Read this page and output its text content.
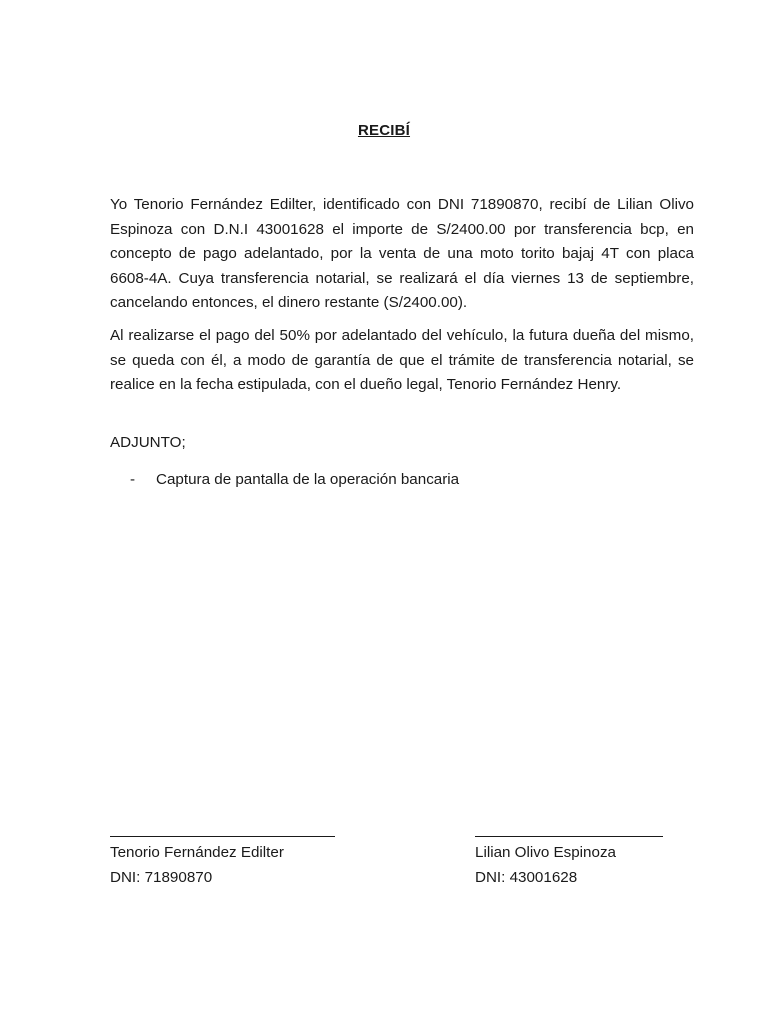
RECIBÍ

Yo Tenorio Fernández Edilter, identificado con DNI 71890870, recibí de Lilian Olivo Espinoza con D.N.I 43001628 el importe de S/2400.00 por transferencia bcp, en concepto de pago adelantado, por la venta de una moto torito bajaj 4T con placa 6608-4A. Cuya transferencia notarial, se realizará el día viernes 13 de septiembre, cancelando entonces, el dinero restante (S/2400.00).

Al realizarse el pago del 50% por adelantado del vehículo, la futura dueña del mismo, se queda con él, a modo de garantía de que el trámite de transferencia notarial, se realice en la fecha estipulada, con el dueño legal, Tenorio Fernández Henry.

ADJUNTO;
-	Captura de pantalla de la operación bancaria
Tenorio Fernández Edilter
DNI: 71890870
Lilian Olivo Espinoza
DNI: 43001628
